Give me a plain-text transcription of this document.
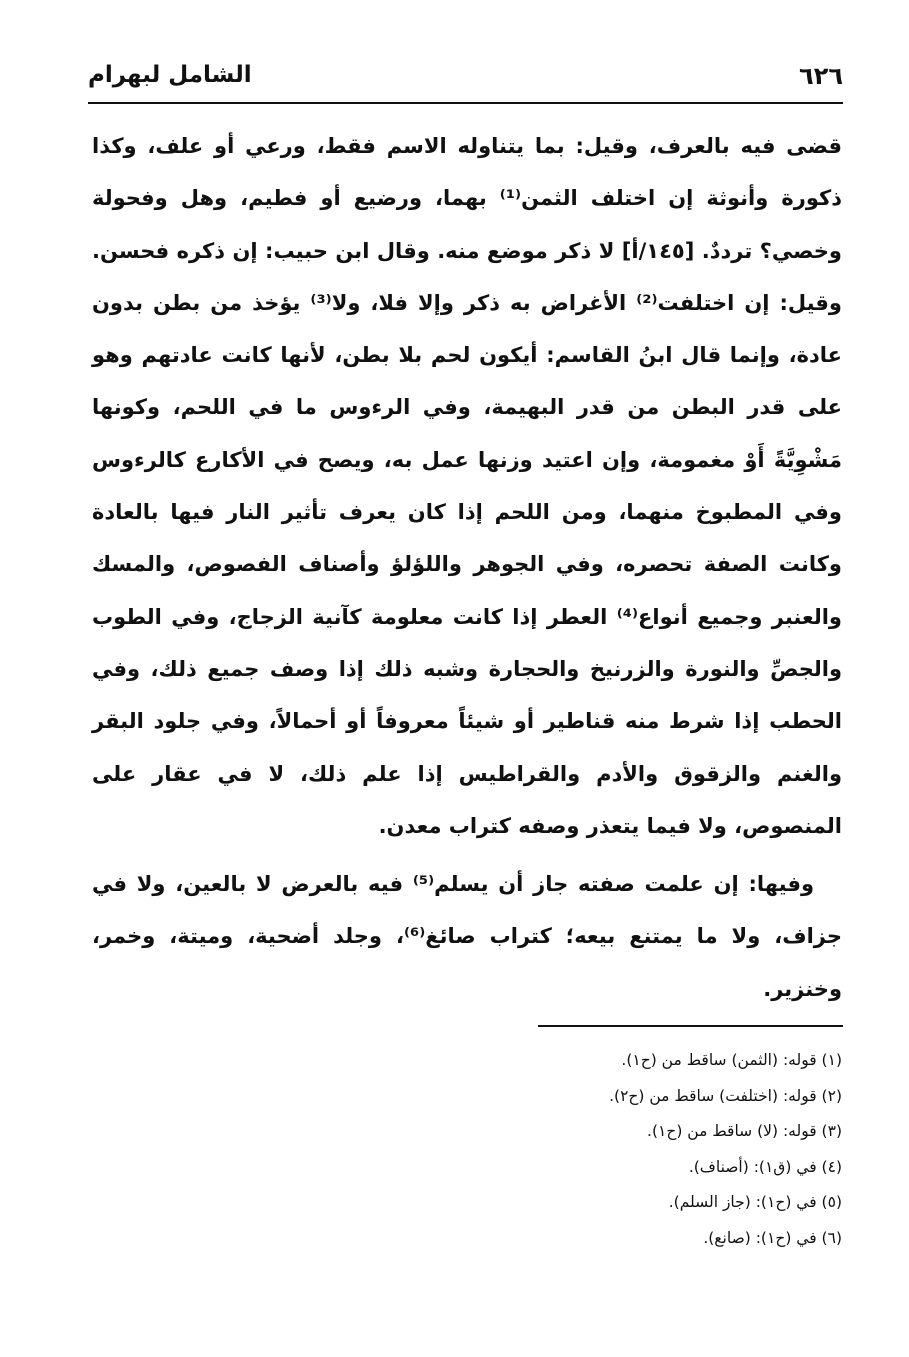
٦٢٦
الشامل لبهرام

قضى فيه بالعرف، وقيل: بما يتناوله الاسم فقط، ورعي أو علف، وكذا ذكورة وأنوثة إن اختلف الثمن⁽¹⁾ بهما، ورضيع أو فطيم، وهل وفحولة وخصي؟ ترددٌ. [١٤٥/أ] لا ذكر موضع منه. وقال ابن حبيب: إن ذكره فحسن. وقيل: إن اختلفت⁽²⁾ الأغراض به ذكر وإلا فلا، ولا⁽³⁾ يؤخذ من بطن بدون عادة، وإنما قال ابنُ القاسم: أيكون لحم بلا بطن، لأنها كانت عادتهم وهو على قدر البطن من قدر البهيمة، وفي الرءوس ما في اللحم، وكونها مَشْوِيَّةً أَوْ مغمومة، وإن اعتيد وزنها عمل به، ويصح في الأكارع كالرءوس وفي المطبوخ منهما، ومن اللحم إذا كان يعرف تأثير النار فيها بالعادة وكانت الصفة تحصره، وفي الجوهر واللؤلؤ وأصناف الفصوص، والمسك والعنبر وجميع أنواع⁽⁴⁾ العطر إذا كانت معلومة كآنية الزجاج، وفي الطوب والجصِّ والنورة والزرنيخ والحجارة وشبه ذلك إذا وصف جميع ذلك، وفي الحطب إذا شرط منه قناطير أو شيئاً معروفاً أو أحمالاً، وفي جلود البقر والغنم والزقوق والأدم والقراطيس إذا علم ذلك، لا في عقار على المنصوص، ولا فيما يتعذر وصفه كتراب معدن.

وفيها: إن علمت صفته جاز أن يسلم⁽⁵⁾ فيه بالعرض لا بالعين، ولا في جزاف، ولا ما يمتنع بيعه؛ كتراب صائغ⁽⁶⁾، وجلد أضحية، وميتة، وخمر، وخنزير.

(١) قوله: (الثمن) ساقط من (ح١).

(٢) قوله: (اختلفت) ساقط من (ح٢).

(٣) قوله: (لا) ساقط من (ح١).

(٤) في (ق١): (أصناف).

(٥) في (ح١): (جاز السلم).

(٦) في (ح١): (صانع).
